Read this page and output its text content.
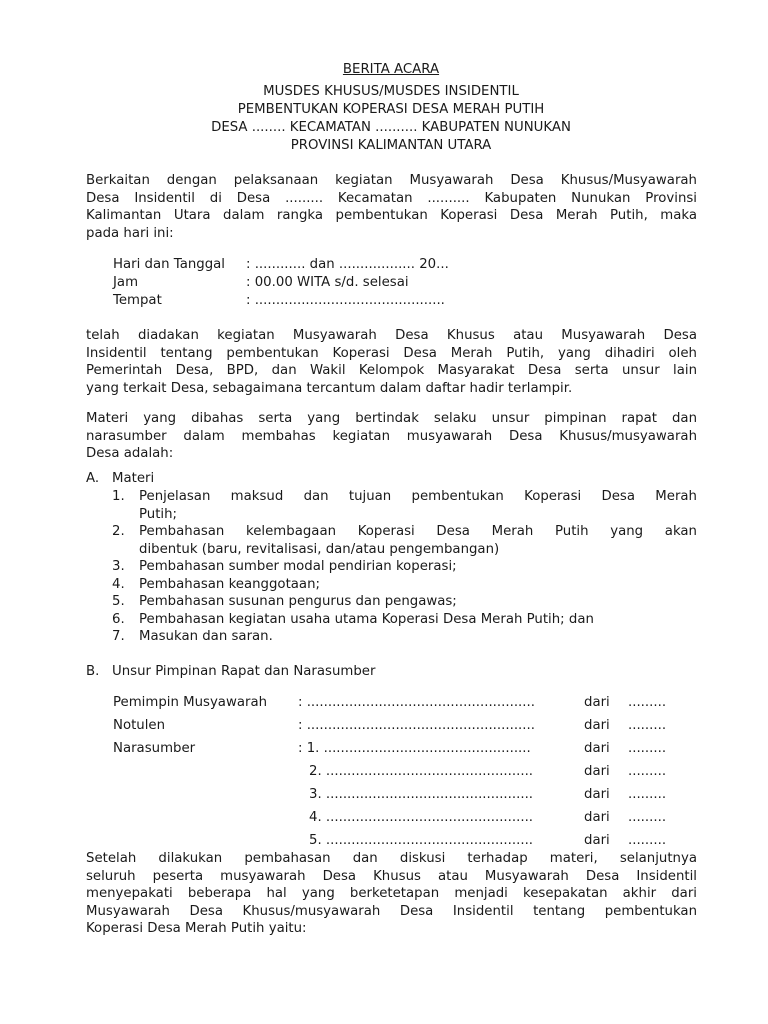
BERITA ACARA
MUSDES KHUSUS/MUSDES INSIDENTIL
PEMBENTUKAN KOPERASI DESA MERAH PUTIH
DESA ........ KECAMATAN .......... KABUPATEN NUNUKAN
PROVINSI KALIMANTAN UTARA
Berkaitan dengan pelaksanaan kegiatan Musyawarah Desa Khusus/Musyawarah
Desa Insidentil di Desa ......... Kecamatan .......... Kabupaten Nunukan Provinsi
Kalimantan Utara dalam rangka pembentukan Koperasi Desa Merah Putih, maka
pada hari ini:
Hari dan Tanggal : ............ dan .................. 20...
Jam	: 00.00 WITA s/d. selesai
Tempat	: .............................................
telah diadakan kegiatan Musyawarah Desa Khusus atau Musyawarah Desa
Insidentil tentang pembentukan Koperasi Desa Merah Putih, yang dihadiri oleh
Pemerintah Desa, BPD, dan Wakil Kelompok Masyarakat Desa serta unsur lain
yang terkait Desa, sebagaimana tercantum dalam daftar hadir terlampir.
Materi yang dibahas serta yang bertindak selaku unsur pimpinan rapat dan
narasumber dalam membahas kegiatan musyawarah Desa Khusus/musyawarah
Desa adalah:
A. Materi
1. Penjelasan maksud dan tujuan pembentukan Koperasi Desa Merah
Putih;
2. Pembahasan kelembagaan Koperasi Desa Merah Putih yang akan
dibentuk (baru, revitalisasi, dan/atau pengembangan)
3. Pembahasan sumber modal pendirian koperasi;
4. Pembahasan keanggotaan;
5. Pembahasan susunan pengurus dan pengawas;
6. Pembahasan kegiatan usaha utama Koperasi Desa Merah Putih; dan
7. Masukan dan saran.
B. Unsur Pimpinan Rapat dan Narasumber
Pemimpin Musyawarah : ......................................................	dari .........
Notulen	: ......................................................	dari .........
Narasumber	: 1. .................................................	dari .........
2. .................................................	dari .........
3. .................................................	dari .........
4. .................................................	dari .........
5. .................................................	dari .........
Setelah dilakukan pembahasan dan diskusi terhadap materi, selanjutnya
seluruh peserta musyawarah Desa Khusus atau Musyawarah Desa Insidentil
menyepakati beberapa hal yang berketetapan menjadi kesepakatan akhir dari
Musyawarah Desa Khusus/musyawarah Desa Insidentil tentang pembentukan
Koperasi Desa Merah Putih yaitu:
